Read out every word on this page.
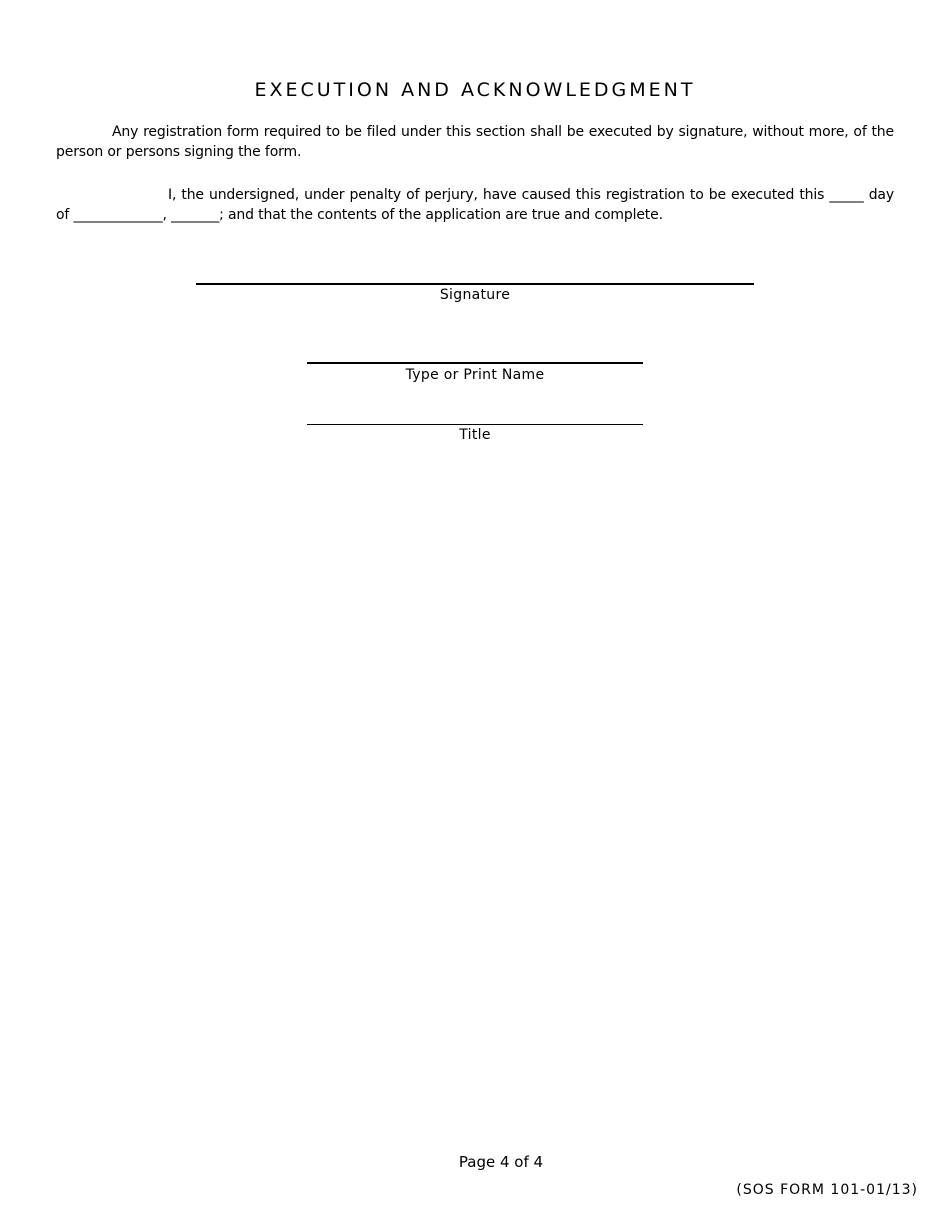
EXECUTION AND ACKNOWLEDGMENT

Any registration form required to be filed under this section shall be executed by signature, without more, of the person or persons signing the form.

I, the undersigned, under penalty of perjury, have caused this registration to be executed this _____ day of _____________, _______; and that the contents of the application are true and complete.

Signature
Type or Print Name
Title
Page 4 of 4
(SOS FORM 101-01/13)
